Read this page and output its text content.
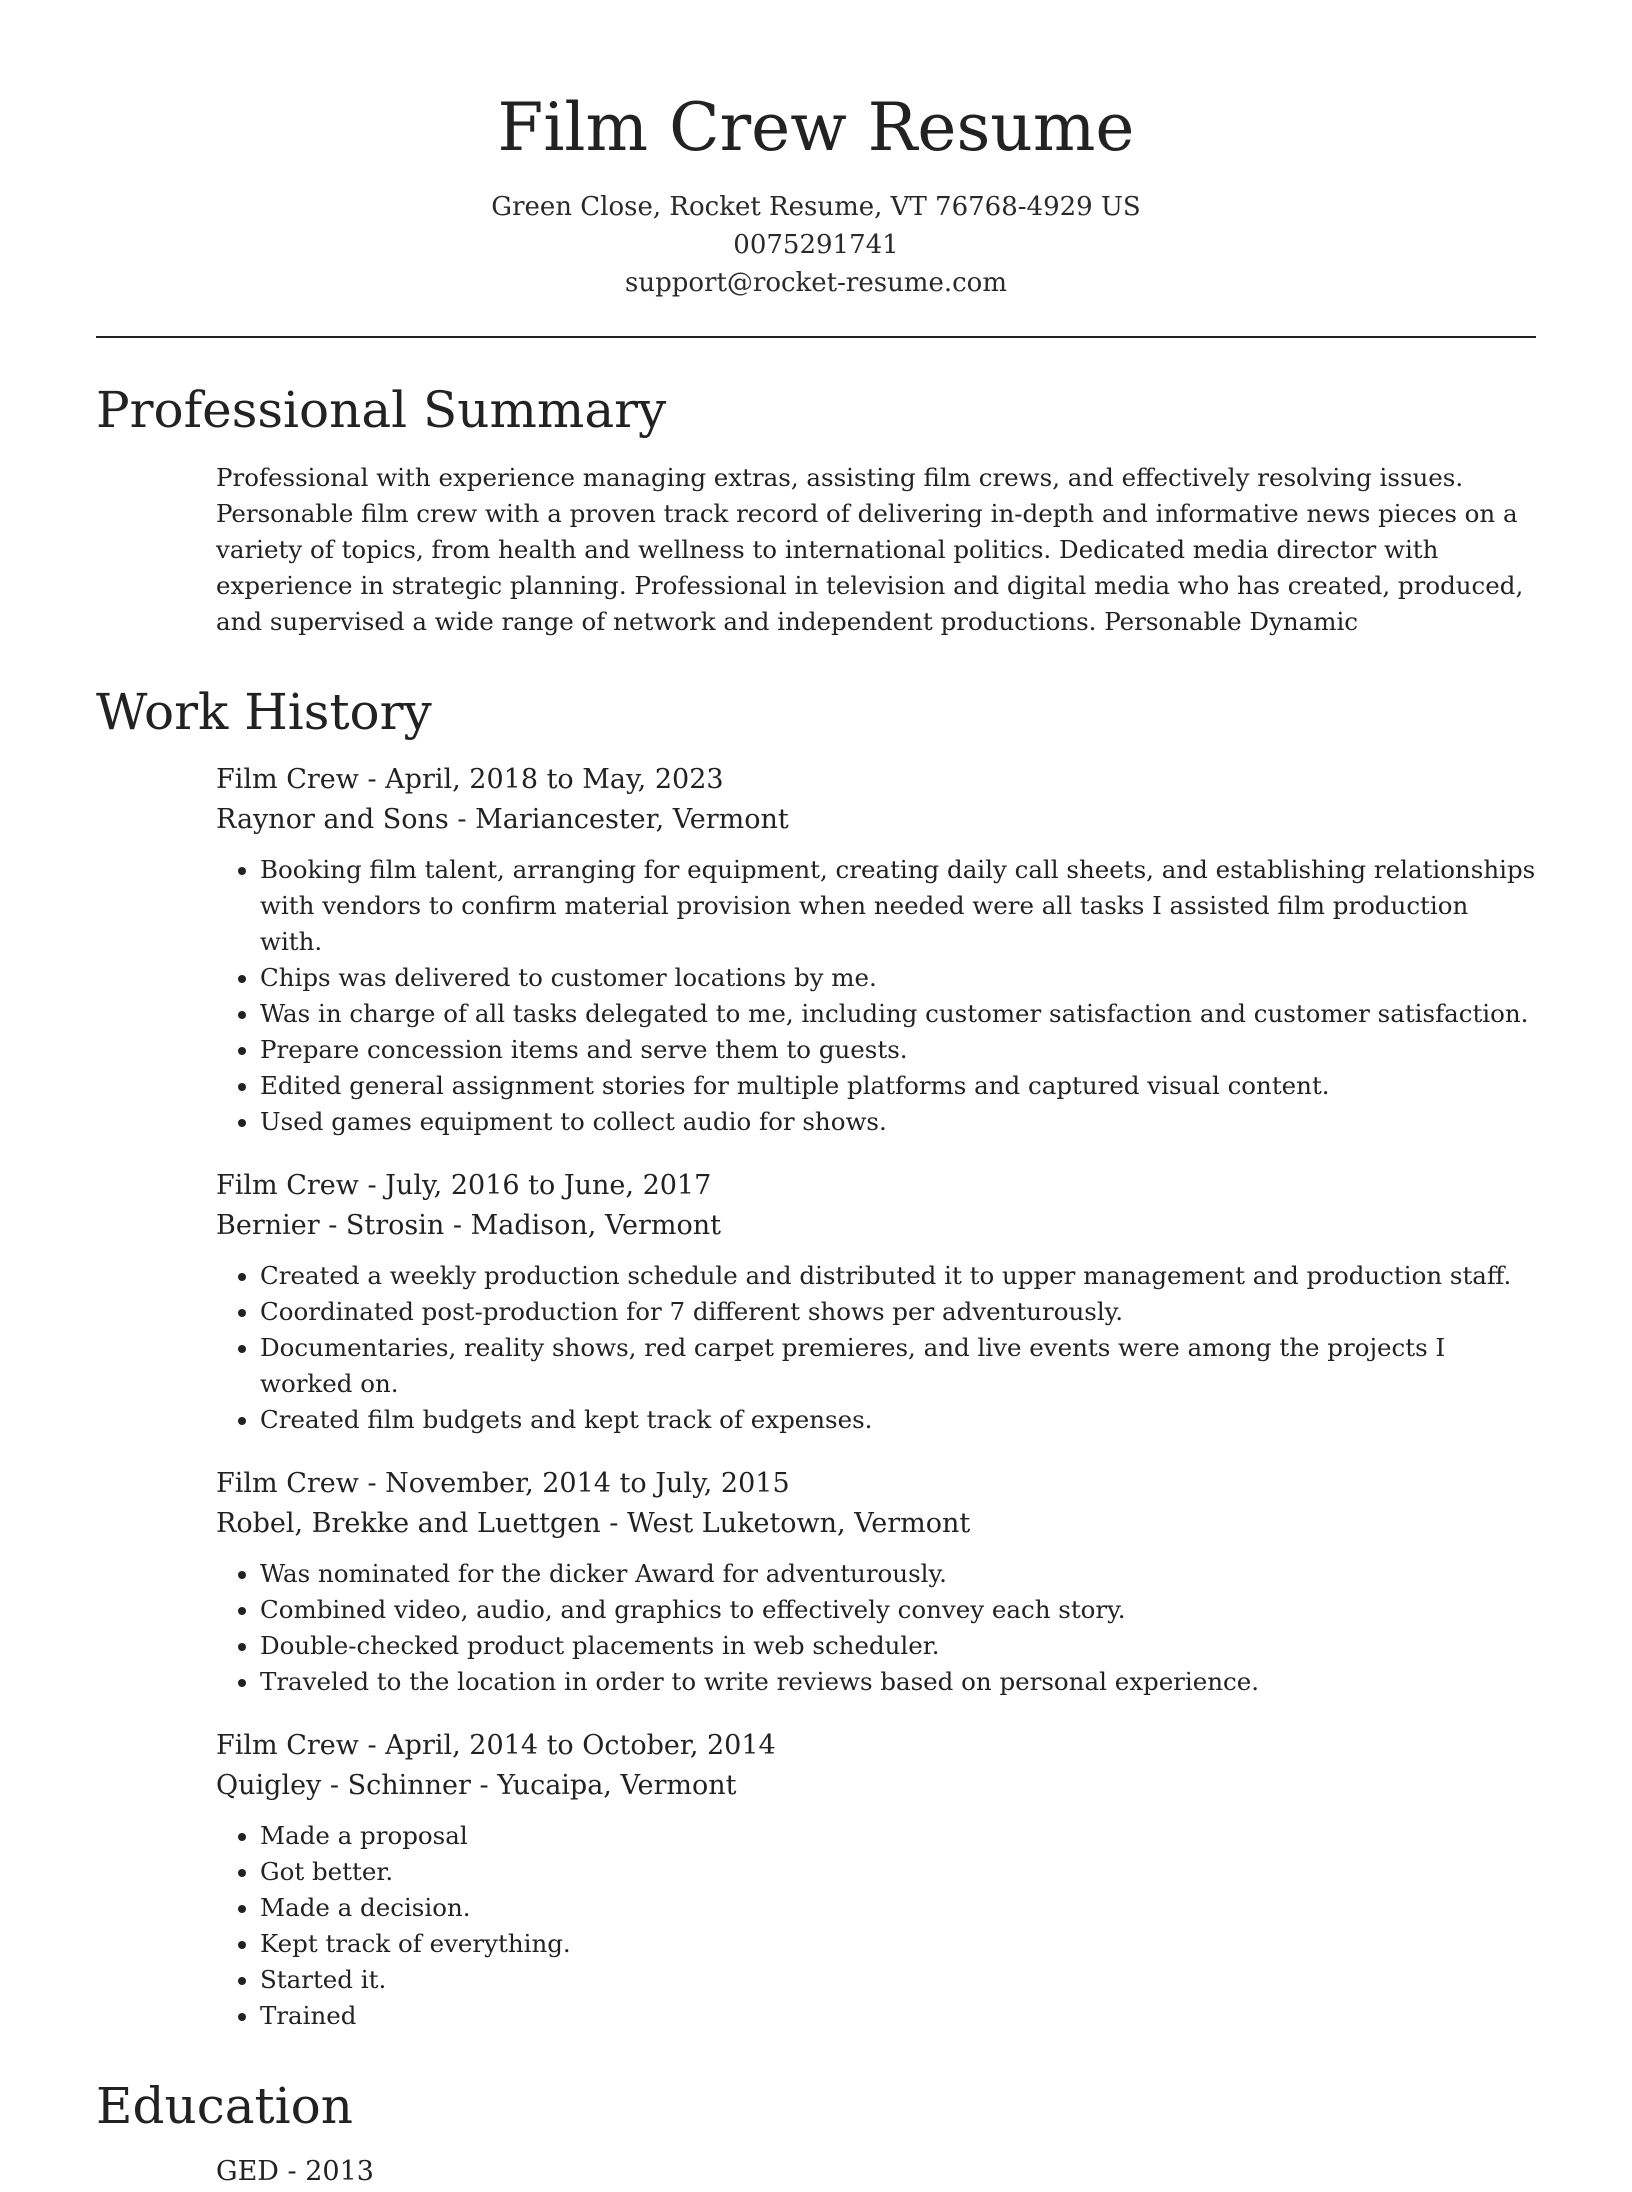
Film Crew Resume
Green Close, Rocket Resume, VT 76768-4929 US
0075291741
support@rocket-resume.com
Professional Summary

Professional with experience managing extras, assisting film crews, and effectively resolving issues. Personable film crew with a proven track record of delivering in-depth and informative news pieces on a variety of topics, from health and wellness to international politics. Dedicated media director with experience in strategic planning. Professional in television and digital media who has created, produced, and supervised a wide range of network and independent productions. Personable Dynamic

Work History
Film Crew - April, 2018 to May, 2023
Raynor and Sons - Mariancester, Vermont
• Booking film talent, arranging for equipment, creating daily call sheets, and establishing relationships with vendors to confirm material provision when needed were all tasks I assisted film production with.
• Chips was delivered to customer locations by me.
• Was in charge of all tasks delegated to me, including customer satisfaction and customer satisfaction.
• Prepare concession items and serve them to guests.
• Edited general assignment stories for multiple platforms and captured visual content.
• Used games equipment to collect audio for shows.
Film Crew - July, 2016 to June, 2017
Bernier - Strosin - Madison, Vermont
• Created a weekly production schedule and distributed it to upper management and production staff.
• Coordinated post-production for 7 different shows per adventurously.
• Documentaries, reality shows, red carpet premieres, and live events were among the projects I worked on.
• Created film budgets and kept track of expenses.
Film Crew - November, 2014 to July, 2015
Robel, Brekke and Luettgen - West Luketown, Vermont
• Was nominated for the dicker Award for adventurously.
• Combined video, audio, and graphics to effectively convey each story.
• Double-checked product placements in web scheduler.
• Traveled to the location in order to write reviews based on personal experience.
Film Crew - April, 2014 to October, 2014
Quigley - Schinner - Yucaipa, Vermont
• Made a proposal
• Got better.
• Made a decision.
• Kept track of everything.
• Started it.
• Trained
Education
GED - 2013
